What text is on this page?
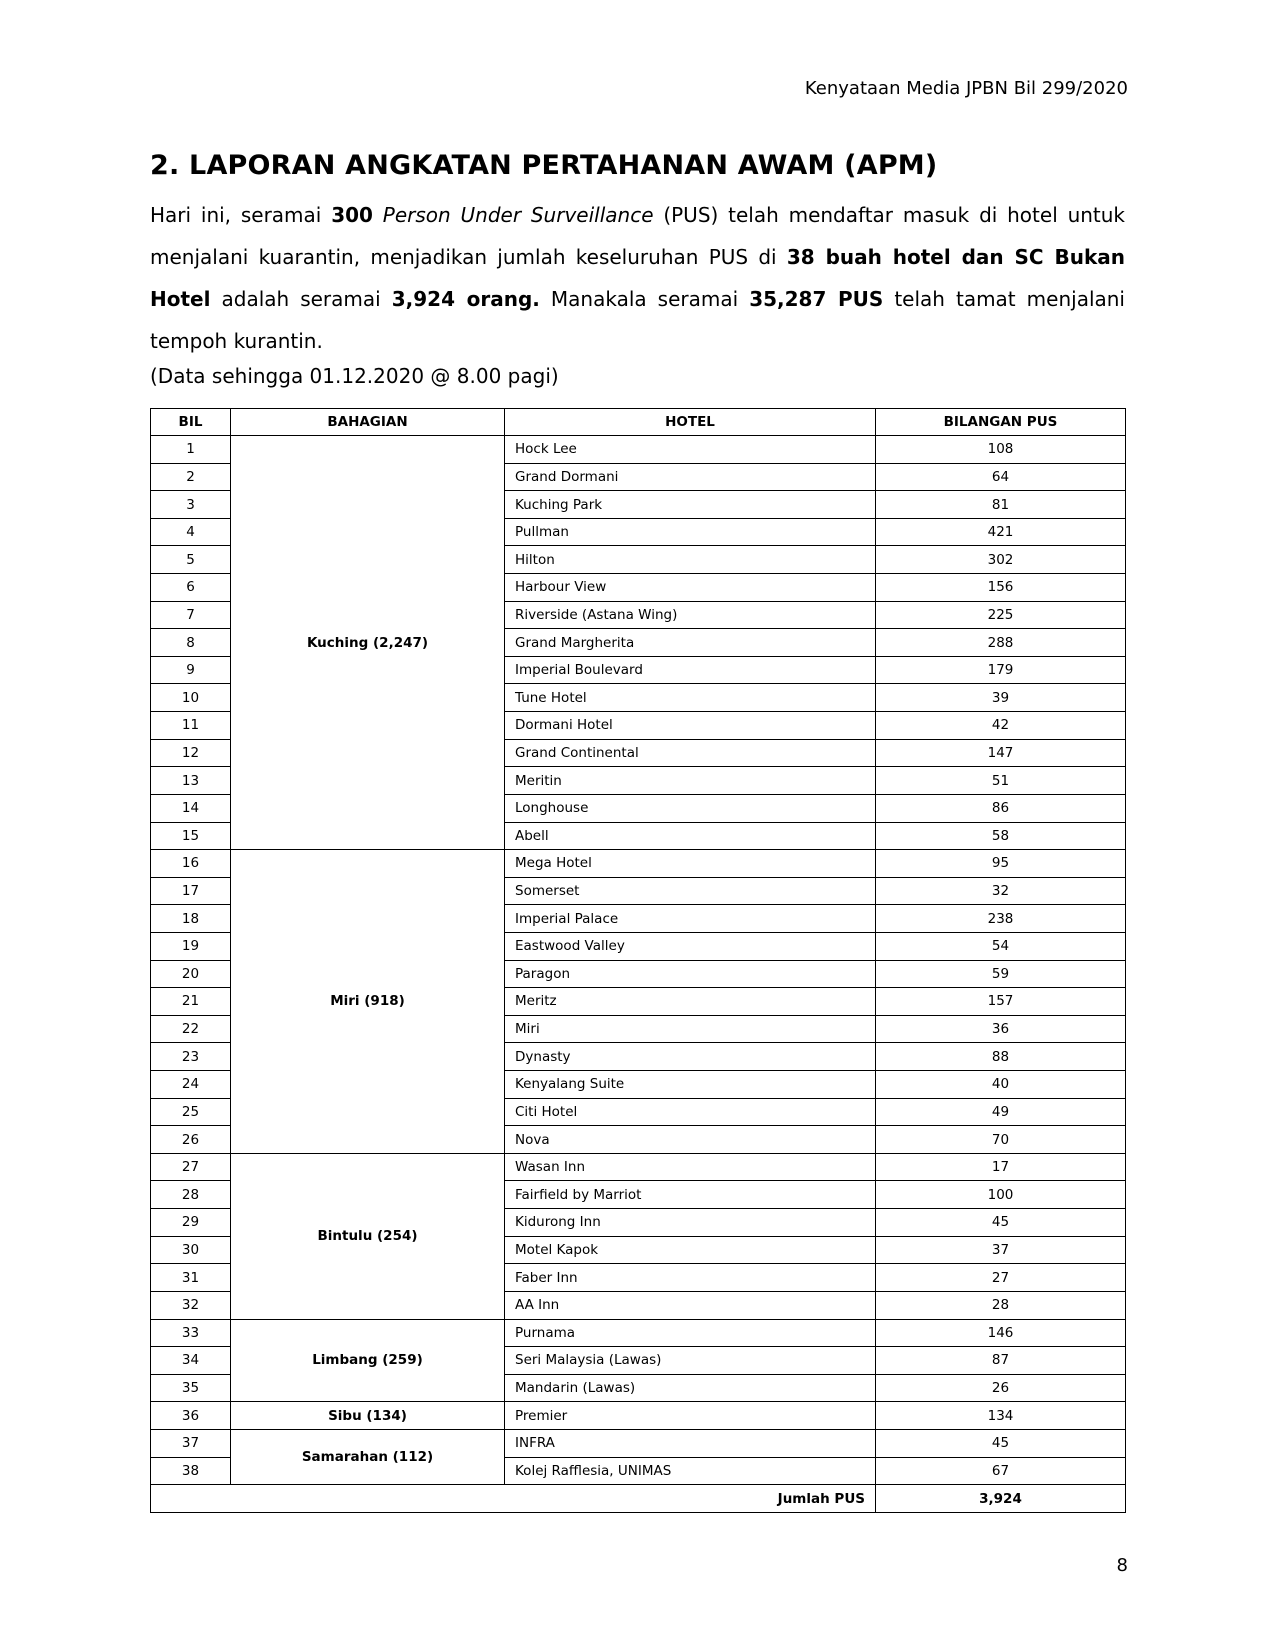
Kenyataan Media JPBN Bil 299/2020
2. LAPORAN ANGKATAN PERTAHANAN AWAM (APM)

Hari ini, seramai 300 Person Under Surveillance (PUS) telah mendaftar masuk di hotel untuk menjalani kuarantin, menjadikan jumlah keseluruhan PUS di 38 buah hotel dan SC Bukan Hotel adalah seramai 3,924 orang. Manakala seramai 35,287 PUS telah tamat menjalani tempoh kurantin.

(Data sehingga 01.12.2020 @ 8.00 pagi)
BIL	BAHAGIAN	HOTEL	BILANGAN PUS
1	Kuching (2,247)	Hock Lee	108
2		Grand Dormani	64
3		Kuching Park	81
4		Pullman	421
5		Hilton	302
6		Harbour View	156
7		Riverside (Astana Wing)	225
8		Grand Margherita	288
9		Imperial Boulevard	179
10		Tune Hotel	39
11		Dormani Hotel	42
12		Grand Continental	147
13		Meritin	51
14		Longhouse	86
15		Abell	58
16	Miri (918)	Mega Hotel	95
17		Somerset	32
18		Imperial Palace	238
19		Eastwood Valley	54
20		Paragon	59
21		Meritz	157
22		Miri	36
23		Dynasty	88
24		Kenyalang Suite	40
25		Citi Hotel	49
26		Nova	70
27	Bintulu (254)	Wasan Inn	17
28		Fairfield by Marriot	100
29		Kidurong Inn	45
30		Motel Kapok	37
31		Faber Inn	27
32		AA Inn	28
33	Limbang (259)	Purnama	146
34		Seri Malaysia (Lawas)	87
35		Mandarin (Lawas)	26
36	Sibu (134)	Premier	134
37	Samarahan (112)	INFRA	45
38		Kolej Rafflesia, UNIMAS	67
Jumlah PUS			3,924
8
